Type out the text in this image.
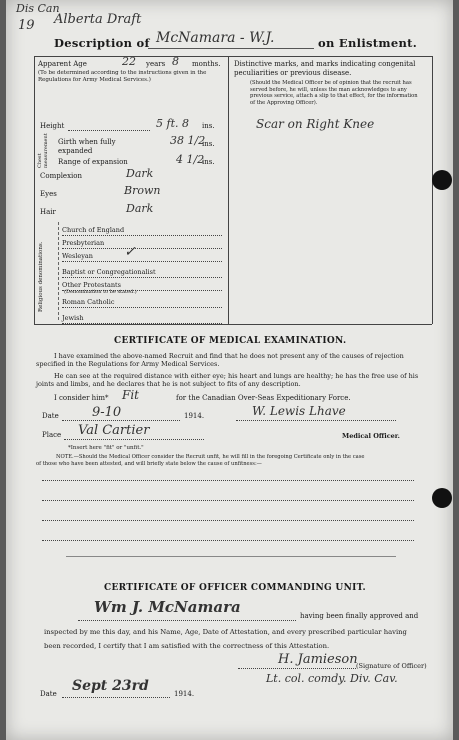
Dis Can
19 Alberta Draft
Description of McNamara - W.J.	on Enlistment.
Apparent Age	22 years 8 months.
(To be determined according to the instructions given in the Regulations for Army Medical Services.)
Height	5 ft. 8 ins.
Chest measurement Girth when fully expanded
38 1/2
ins.
Range of expansion	4 1/2
ins.
Complexion	Dark
Eyes	Brown
Hair	Dark
Religious denominations.
Church of England
Presbyterian
Wesleyan ✓
Baptist or Congregationalist
Other Protestants
(Denomination to be stated.)
Roman Catholic
Jewish
Distinctive marks, and marks indicating congenital peculiarities or previous disease.
(Should the Medical Officer be of opinion that the recruit has served before, he will, unless the man acknowledges to any previous service, attach a slip to that effect, for the information of the Approving Officer).
Scar on Right Knee
CERTIFICATE OF MEDICAL EXAMINATION.
I have examined the above-named Recruit and find that he does not present any of the causes of rejection specified in the Regulations for Army Medical Services.
He can see at the required distance with either eye; his heart and lungs are healthy; he has the free use of his joints and limbs, and he declares that he is not subject to fits of any description.
I consider him* Fit	for the Canadian Over-Seas Expeditionary Force.
Date	9-10	1914.	W. Lewis Lhave
Place Val Cartier	Medical Officer.
*Insert here "fit" or "unfit."
NOTE.—Should the Medical Officer consider the Recruit unfit, he will fill in the foregoing Certificate only in the case of those who have been attested, and will briefly state below the cause of unfitness:—
CERTIFICATE OF OFFICER COMMANDING UNIT.
Wm J. McNamara	having been finally approved and
inspected by me this day, and his Name, Age, Date of Attestation, and every prescribed particular having
been recorded, I certify that I am satisfied with the correctness of this Attestation.
H. Jamieson
(Signature of Officer)
Lt. col. comdy. Div. Cav.
Date Sept 23rd	1914.
